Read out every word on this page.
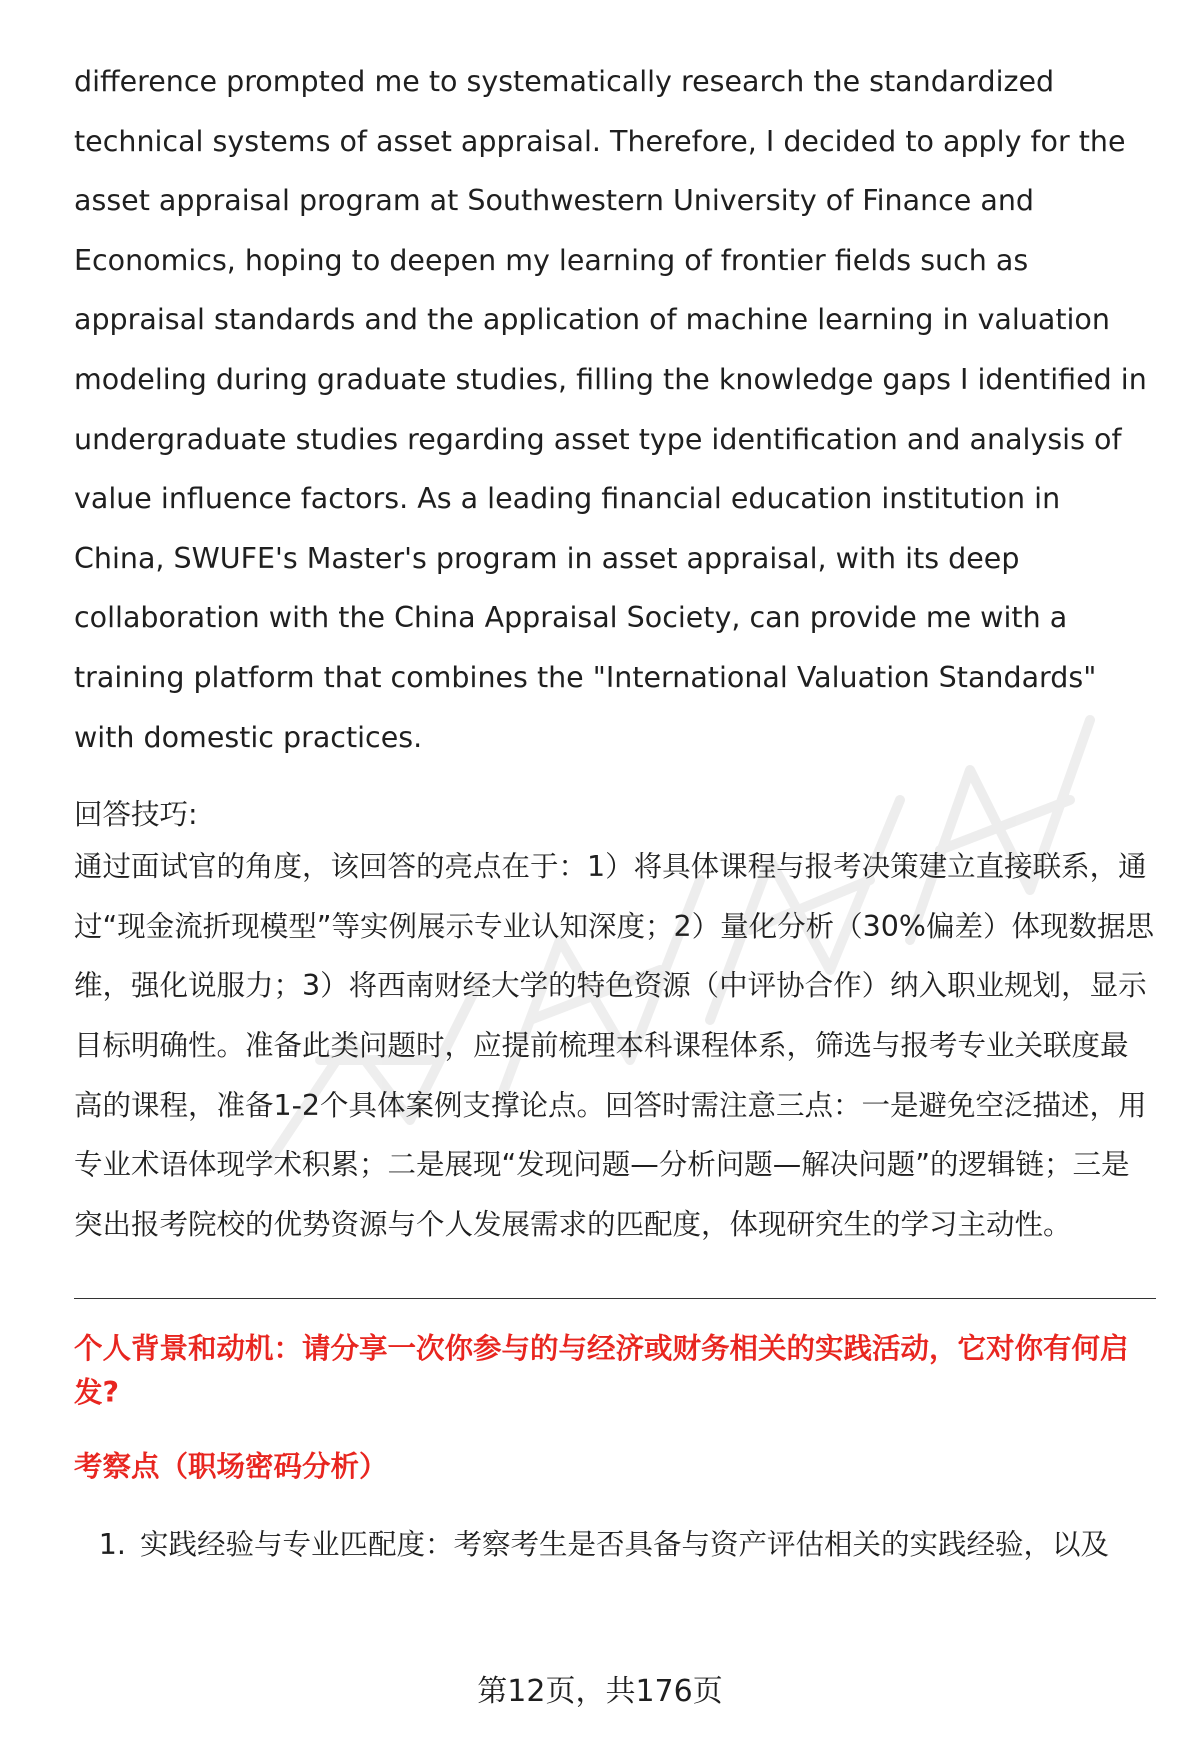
difference prompted me to systematically research the standardized technical systems of asset appraisal. Therefore, I decided to apply for the asset appraisal program at Southwestern University of Finance and Economics, hoping to deepen my learning of frontier fields such as appraisal standards and the application of machine learning in valuation modeling during graduate studies, filling the knowledge gaps I identified in undergraduate studies regarding asset type identification and analysis of value influence factors. As a leading financial education institution in China, SWUFE's Master's program in asset appraisal, with its deep collaboration with the China Appraisal Society, can provide me with a training platform that combines the "International Valuation Standards" with domestic practices.

回答技巧:

通过面试官的角度，该回答的亮点在于：1）将具体课程与报考决策建立直接联系，通过“现金流折现模型”等实例展示专业认知深度；2）量化分析（30%偏差）体现数据思维，强化说服力；3）将西南财经大学的特色资源（中评协合作）纳入职业规划，显示目标明确性。准备此类问题时，应提前梳理本科课程体系，筛选与报考专业关联度最高的课程，准备1-2个具体案例支撑论点。回答时需注意三点：一是避免空泛描述，用专业术语体现学术积累；二是展现“发现问题—分析问题—解决问题”的逻辑链；三是突出报考院校的优势资源与个人发展需求的匹配度，体现研究生的学习主动性。

个人背景和动机：请分享一次你参与的与经济或财务相关的实践活动，它对你有何启发?
考察点（职场密码分析）
1. 实践经验与专业匹配度：考察考生是否具备与资产评估相关的实践经验，以及
第12页，共176页
